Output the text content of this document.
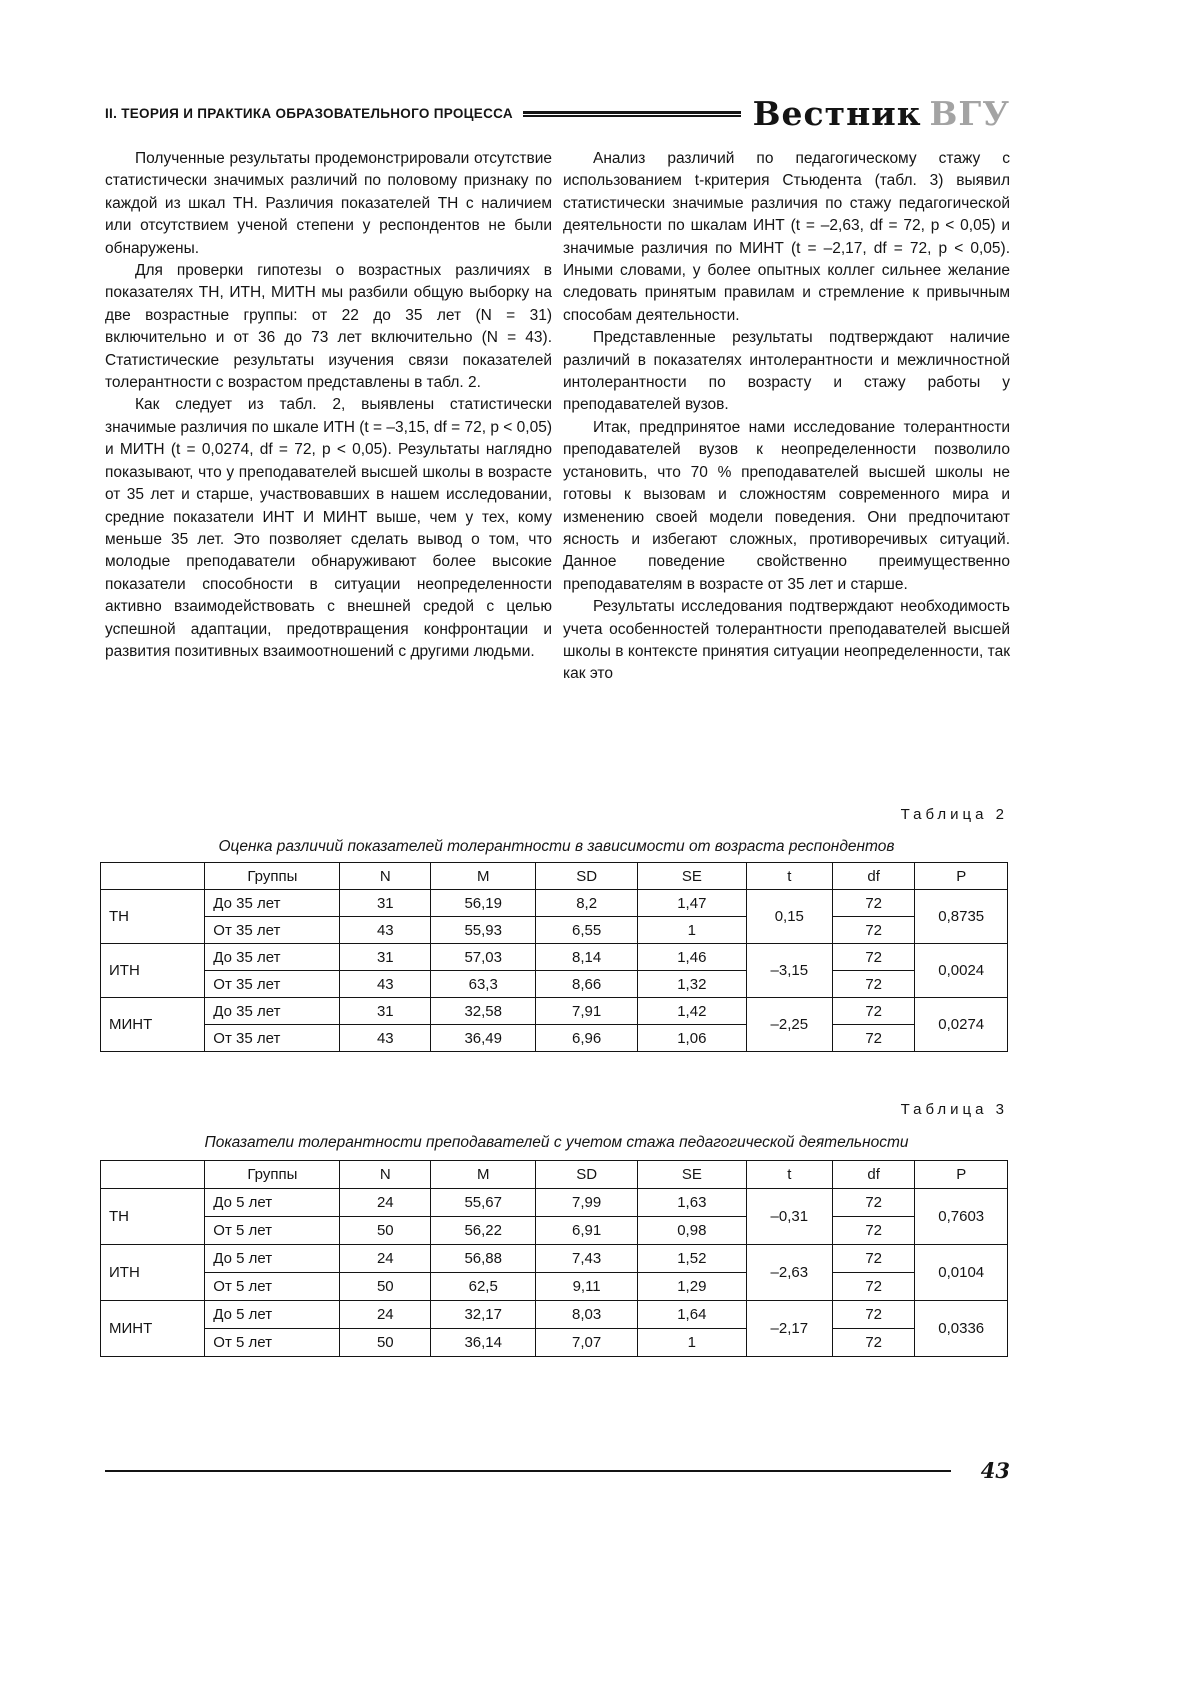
II. ТЕОРИЯ И ПРАКТИКА ОБРАЗОВАТЕЛЬНОГО ПРОЦЕССА	Вестник ВГУ

Полученные результаты продемонстрировали отсутствие статистически значимых различий по половому признаку по каждой из шкал ТН. Различия показателей ТН с наличием или отсутствием ученой степени у респондентов не были обнаружены.

Для проверки гипотезы о возрастных различиях в показателях ТН, ИТН, МИТН мы разбили общую выборку на две возрастные группы: от 22 до 35 лет (N = 31) включительно и от 36 до 73 лет включительно (N = 43). Статистические результаты изучения связи показателей толерантности с возрастом представлены в табл. 2.

Как следует из табл. 2, выявлены статистически значимые различия по шкале ИТН (t = –3,15, df = 72, p < 0,05) и МИТН (t = 0,0274, df = 72, p < 0,05). Результаты наглядно показывают, что у преподавателей высшей школы в возрасте от 35 лет и старше, участвовавших в нашем исследовании, средние показатели ИНТ И МИНТ выше, чем у тех, кому меньше 35 лет. Это позволяет сделать вывод о том, что молодые преподаватели обнаруживают более высокие показатели способности в ситуации неопределенности активно взаимодействовать с внешней средой с целью успешной адаптации, предотвращения конфронтации и развития позитивных взаимоотношений с другими людьми.

Анализ различий по педагогическому стажу с использованием t-критерия Стьюдента (табл. 3) выявил статистически значимые различия по стажу педагогической деятельности по шкалам ИНТ (t = –2,63, df = 72, p < 0,05) и значимые различия по МИНТ (t = –2,17, df = 72, p < 0,05). Иными словами, у более опытных коллег сильнее желание следовать принятым правилам и стремление к привычным способам деятельности.

Представленные результаты подтверждают наличие различий в показателях интолерантности и межличностной интолерантности по возрасту и стажу работы у преподавателей вузов.

Итак, предпринятое нами исследование толерантности преподавателей вузов к неопределенности позволило установить, что 70 % преподавателей высшей школы не готовы к вызовам и сложностям современного мира и изменению своей модели поведения. Они предпочитают ясность и избегают сложных, противоречивых ситуаций. Данное поведение свойственно преимущественно преподавателям в возрасте от 35 лет и старше.

Результаты исследования подтверждают необходимость учета особенностей толерантности преподавателей высшей школы в контексте принятия ситуации неопределенности, так как это

Таблица 2
Оценка различий показателей толерантности в зависимости от возраста респондентов
	Группы	N	M	SD	SE	t	df	P
ТН	До 35 лет	31	56,19	8,2	1,47	0,15	72	0,8735
	От 35 лет	43	55,93	6,55	1		72	
ИТН	До 35 лет	31	57,03	8,14	1,46	–3,15	72	0,0024
	От 35 лет	43	63,3	8,66	1,32		72	
МИНТ	До 35 лет	31	32,58	7,91	1,42	–2,25	72	0,0274
	От 35 лет	43	36,49	6,96	1,06		72	
Таблица 3
Показатели толерантности преподавателей с учетом стажа педагогической деятельности
	Группы	N	M	SD	SE	t	df	P
ТН	До 5 лет	24	55,67	7,99	1,63	–0,31	72	0,7603
	От 5 лет	50	56,22	6,91	0,98		72	
ИТН	До 5 лет	24	56,88	7,43	1,52	–2,63	72	0,0104
	От 5 лет	50	62,5	9,11	1,29		72	
МИНТ	До 5 лет	24	32,17	8,03	1,64	–2,17	72	0,0336
	От 5 лет	50	36,14	7,07	1		72	
43
